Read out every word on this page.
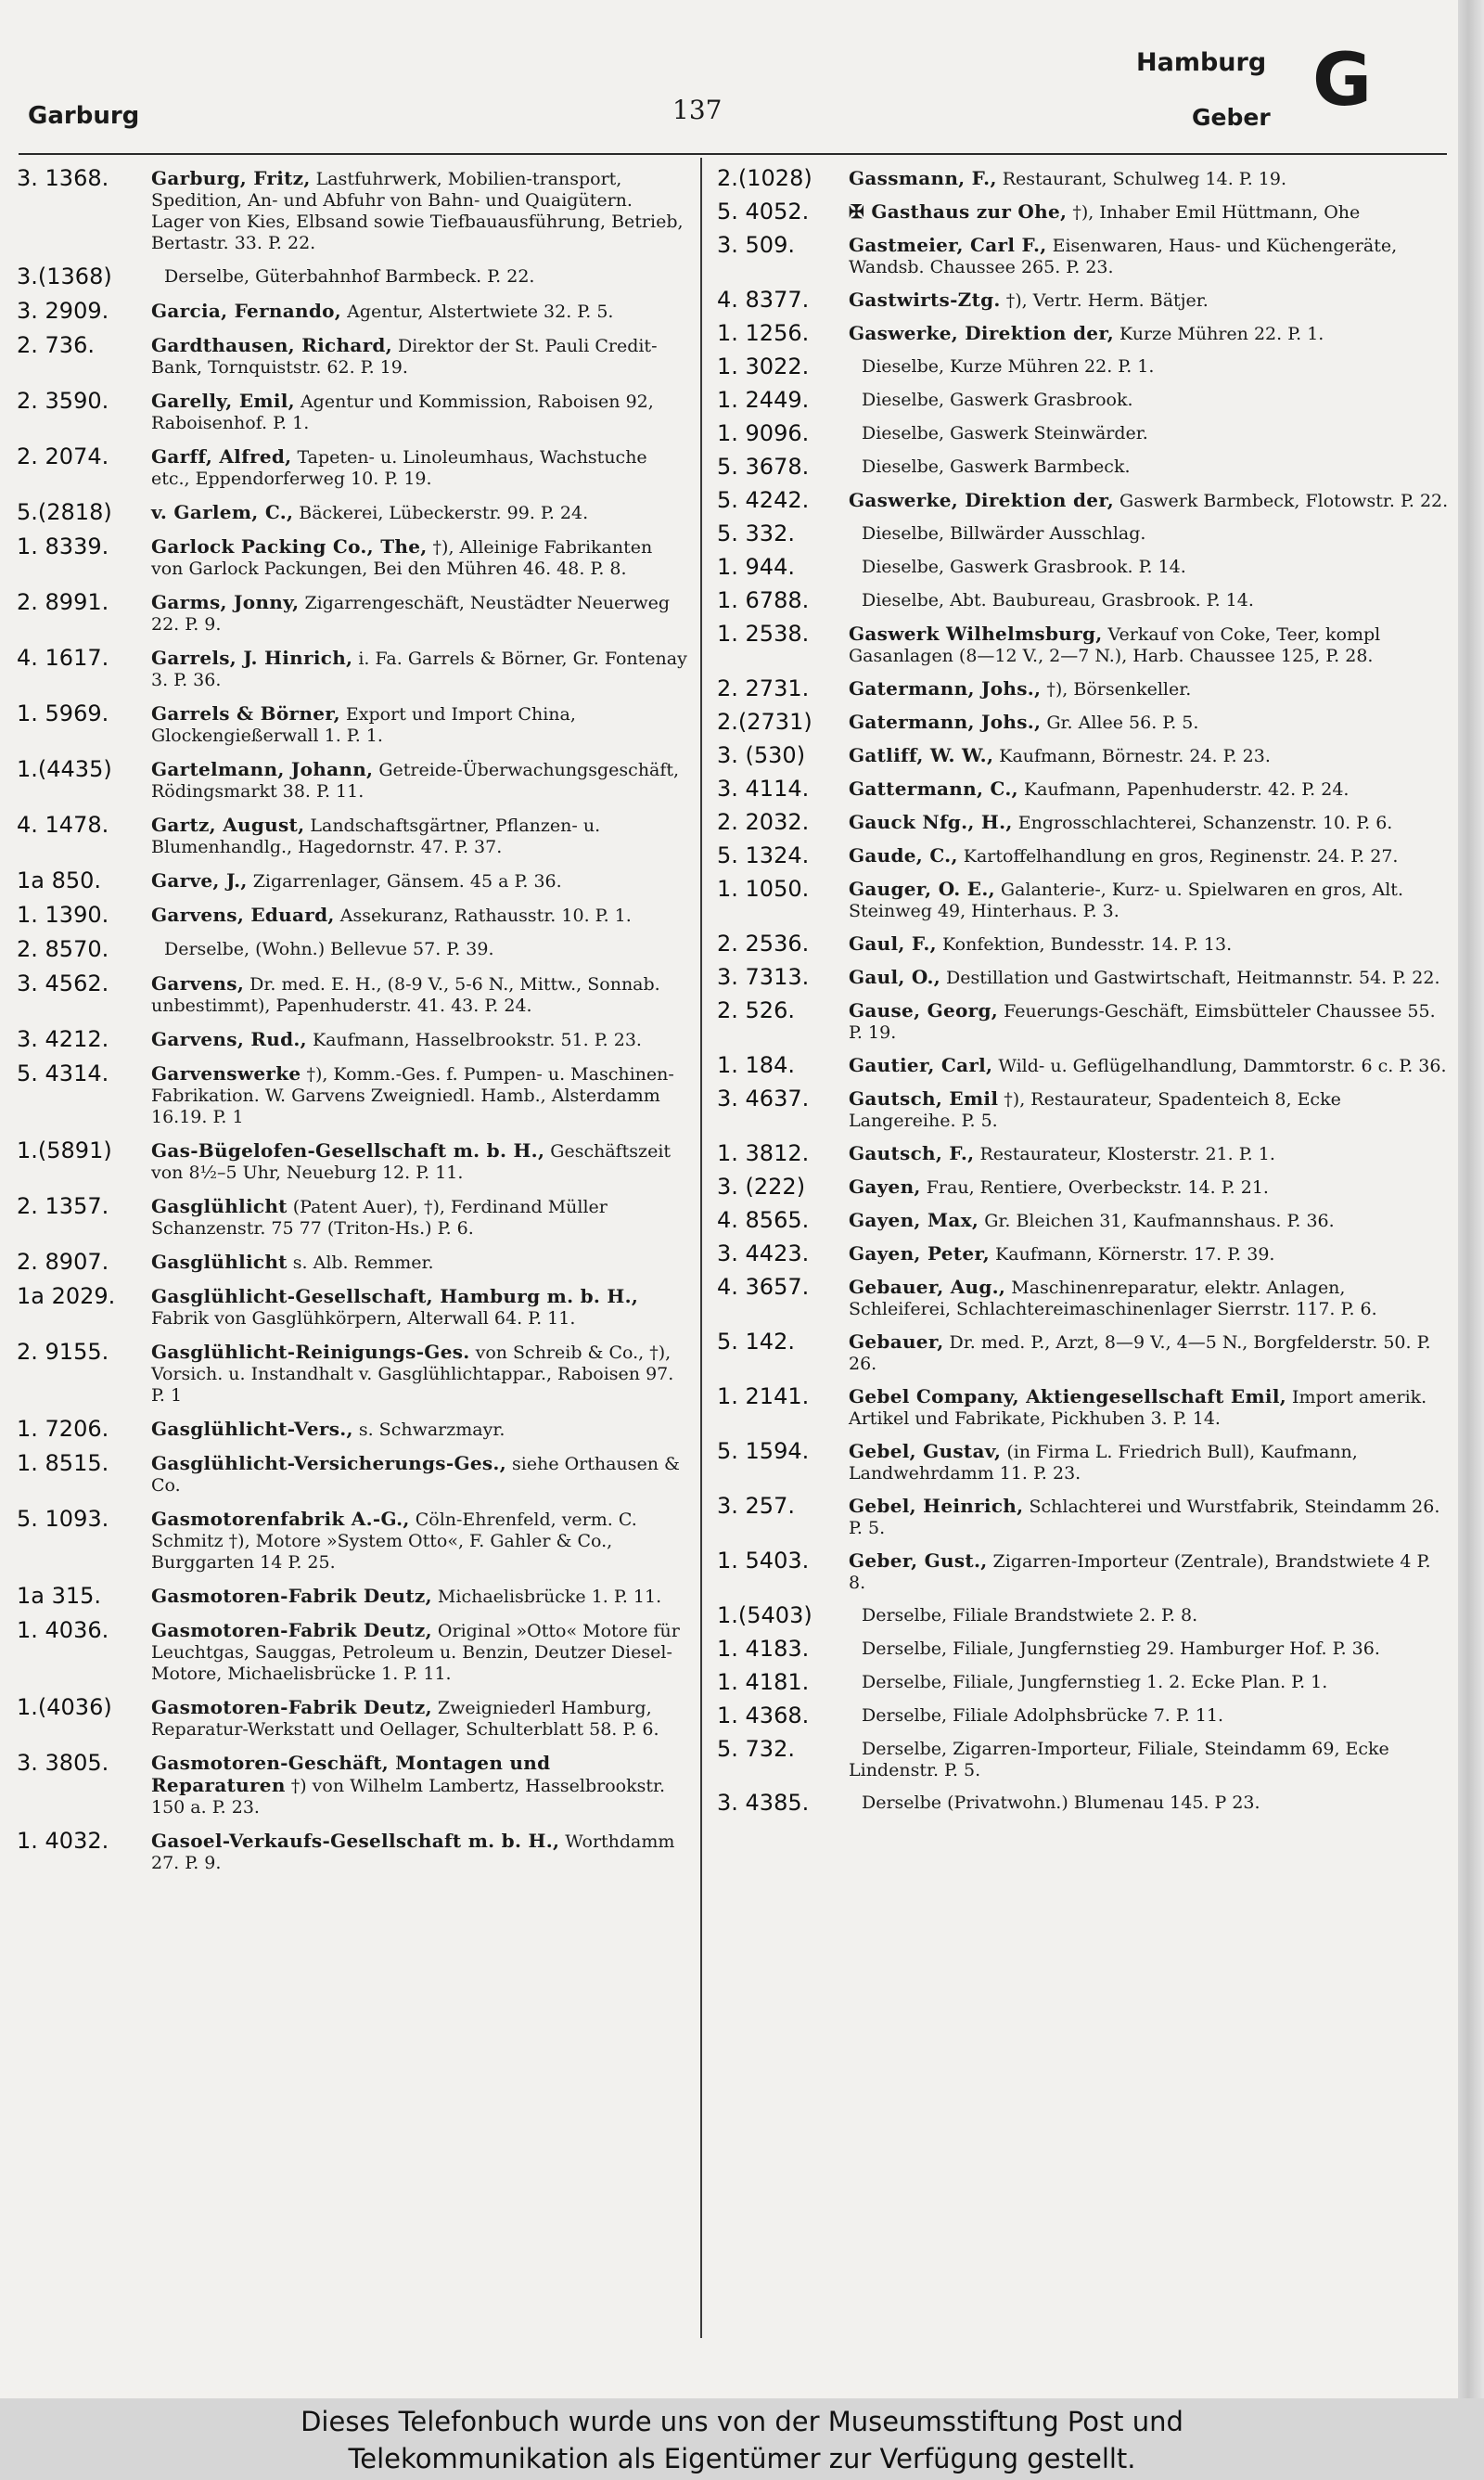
Garburg	137
Hamburg
Geber G
3. 1368.	Garburg, Fritz, Lastfuhrwerk, Mobilien-transport, Spedition, An- und Abfuhr von Bahn- und Quaigütern. Lager von Kies, Elbsand sowie Tiefbauausführung, Betrieb, Bertastr. 33. P. 22.
3.(1368)	Derselbe, Güterbahnhof Barmbeck. P. 22.
3. 2909.	Garcia, Fernando, Agentur, Alstertwiete 32. P. 5.
2. 736.	Gardthausen, Richard, Direktor der St. Pauli Credit-Bank, Tornquiststr. 62. P. 19.
2. 3590.	Garelly, Emil, Agentur und Kommission, Raboisen 92, Raboisenhof. P. 1.
2. 2074.	Garff, Alfred, Tapeten- u. Linoleumhaus, Wachstuche etc., Eppendorferweg 10. P. 19.
5.(2818)	v. Garlem, C., Bäckerei, Lübeckerstr. 99. P. 24.
1. 8339.	Garlock Packing Co., The, †), Alleinige Fabrikanten von Garlock Packungen, Bei den Mühren 46. 48. P. 8.
2. 8991.	Garms, Jonny, Zigarrengeschäft, Neustädter Neuerweg 22. P. 9.
4. 1617.	Garrels, J. Hinrich, i. Fa. Garrels & Börner, Gr. Fontenay 3. P. 36.
1. 5969.	Garrels & Börner, Export und Import China, Glockengießerwall 1. P. 1.
1.(4435)	Gartelmann, Johann, Getreide-Überwachungsgeschäft, Rödingsmarkt 38. P. 11.
4. 1478.	Gartz, August, Landschaftsgärtner, Pflanzen- u. Blumenhandlg., Hagedornstr. 47. P. 37.
1a 850.	Garve, J., Zigarrenlager, Gänsem. 45 a P. 36.
1. 1390.	Garvens, Eduard, Assekuranz, Rathausstr. 10. P. 1.
2. 8570.	Derselbe, (Wohn.) Bellevue 57. P. 39.
3. 4562.	Garvens, Dr. med. E. H., (8-9 V., 5-6 N., Mittw., Sonnab. unbestimmt), Papenhuderstr. 41. 43. P. 24.
3. 4212.	Garvens, Rud., Kaufmann, Hasselbrookstr. 51. P. 23.
5. 4314.	Garvenswerke †), Komm.-Ges. f. Pumpen- u. Maschinen-Fabrikation. W. Garvens Zweigniedl. Hamb., Alsterdamm 16.19. P. 1
1.(5891)	Gas-Bügelofen-Gesellschaft m. b. H., Geschäftszeit von 8½–5 Uhr, Neueburg 12. P. 11.
2. 1357.	Gasglühlicht (Patent Auer), †), Ferdinand Müller Schanzenstr. 75 77 (Triton-Hs.) P. 6.
2. 8907.	Gasglühlicht s. Alb. Remmer.
1a 2029.	Gasglühlicht-Gesellschaft, Hamburg m. b. H., Fabrik von Gasglühkörpern, Alterwall 64. P. 11.
2. 9155.	Gasglühlicht-Reinigungs-Ges. von Schreib & Co., †), Vorsich. u. Instandhalt v. Gasglühlichtappar., Raboisen 97. P. 1
1. 7206.	Gasglühlicht-Vers., s. Schwarzmayr.
1. 8515.	Gasglühlicht-Versicherungs-Ges., siehe Orthausen & Co.
5. 1093.	Gasmotorenfabrik A.-G., Cöln-Ehrenfeld, verm. C. Schmitz †), Motore »System Otto«, F. Gahler & Co., Burggarten 14 P. 25.
1a 315.	Gasmotoren-Fabrik Deutz, Michaelisbrücke 1. P. 11.
1. 4036.	Gasmotoren-Fabrik Deutz, Original »Otto« Motore für Leuchtgas, Sauggas, Petroleum u. Benzin, Deutzer Diesel-Motore, Michaelisbrücke 1. P. 11.
1.(4036)	Gasmotoren-Fabrik Deutz, Zweigniederl Hamburg, Reparatur-Werkstatt und Oellager, Schulterblatt 58. P. 6.
3. 3805.	Gasmotoren-Geschäft, Montagen und Reparaturen †) von Wilhelm Lambertz, Hasselbrookstr. 150 a. P. 23.
1. 4032.	Gasoel-Verkaufs-Gesellschaft m. b. H., Worthdamm 27. P. 9.
2.(1028)	Gassmann, F., Restaurant, Schulweg 14. P. 19.
5. 4052.	✠ Gasthaus zur Ohe, †), Inhaber Emil Hüttmann, Ohe
3. 509.	Gastmeier, Carl F., Eisenwaren, Haus- und Küchengeräte, Wandsb. Chaussee 265. P. 23.
4. 8377.	Gastwirts-Ztg. †), Vertr. Herm. Bätjer.
1. 1256.	Gaswerke, Direktion der, Kurze Mühren 22. P. 1.
1. 3022.	Dieselbe, Kurze Mühren 22. P. 1.
1. 2449.	Dieselbe, Gaswerk Grasbrook.
1. 9096.	Dieselbe, Gaswerk Steinwärder.
5. 3678.	Dieselbe, Gaswerk Barmbeck.
5. 4242.	Gaswerke, Direktion der, Gaswerk Barmbeck, Flotowstr. P. 22.
5. 332.	Dieselbe, Billwärder Ausschlag.
1. 944.	Dieselbe, Gaswerk Grasbrook. P. 14.
1. 6788.	Dieselbe, Abt. Baubureau, Grasbrook. P. 14.
1. 2538.	Gaswerk Wilhelmsburg, Verkauf von Coke, Teer, kompl Gasanlagen (8—12 V., 2—7 N.), Harb. Chaussee 125, P. 28.
2. 2731.	Gatermann, Johs., †), Börsenkeller.
2.(2731)	Gatermann, Johs., Gr. Allee 56. P. 5.
3. (530)	Gatliff, W. W., Kaufmann, Börnestr. 24. P. 23.
3. 4114.	Gattermann, C., Kaufmann, Papenhuderstr. 42. P. 24.
2. 2032.	Gauck Nfg., H., Engrosschlachterei, Schanzenstr. 10. P. 6.
5. 1324.	Gaude, C., Kartoffelhandlung en gros, Reginenstr. 24. P. 27.
1. 1050.	Gauger, O. E., Galanterie-, Kurz- u. Spielwaren en gros, Alt. Steinweg 49, Hinterhaus. P. 3.
2. 2536.	Gaul, F., Konfektion, Bundesstr. 14. P. 13.
3. 7313.	Gaul, O., Destillation und Gastwirtschaft, Heitmannstr. 54. P. 22.
2. 526.	Gause, Georg, Feuerungs-Geschäft, Eimsbütteler Chaussee 55. P. 19.
1. 184.	Gautier, Carl, Wild- u. Geflügelhandlung, Dammtorstr. 6 c. P. 36.
3. 4637.	Gautsch, Emil †), Restaurateur, Spadenteich 8, Ecke Langereihe. P. 5.
1. 3812.	Gautsch, F., Restaurateur, Klosterstr. 21. P. 1.
3. (222)	Gayen, Frau, Rentiere, Overbeckstr. 14. P. 21.
4. 8565.	Gayen, Max, Gr. Bleichen 31, Kaufmannshaus. P. 36.
3. 4423.	Gayen, Peter, Kaufmann, Körnerstr. 17. P. 39.
4. 3657.	Gebauer, Aug., Maschinenreparatur, elektr. Anlagen, Schleiferei, Schlachtereimaschinenlager Sierrstr. 117. P. 6.
5. 142.	Gebauer, Dr. med. P., Arzt, 8—9 V., 4—5 N., Borgfelderstr. 50. P. 26.
1. 2141.	Gebel Company, Aktiengesellschaft Emil, Import amerik. Artikel und Fabrikate, Pickhuben 3. P. 14.
5. 1594.	Gebel, Gustav, (in Firma L. Friedrich Bull), Kaufmann, Landwehrdamm 11. P. 23.
3. 257.	Gebel, Heinrich, Schlachterei und Wurstfabrik, Steindamm 26. P. 5.
1. 5403.	Geber, Gust., Zigarren-Importeur (Zentrale), Brandstwiete 4 P. 8.
1.(5403)	Derselbe, Filiale Brandstwiete 2. P. 8.
1. 4183.	Derselbe, Filiale, Jungfernstieg 29. Hamburger Hof. P. 36.
1. 4181.	Derselbe, Filiale, Jungfernstieg 1. 2. Ecke Plan. P. 1.
1. 4368.	Derselbe, Filiale Adolphsbrücke 7. P. 11.
5. 732.	Derselbe, Zigarren-Importeur, Filiale, Steindamm 69, Ecke Lindenstr. P. 5.
3. 4385.	Derselbe (Privatwohn.) Blumenau 145. P 23.
Dieses Telefonbuch wurde uns von der Museumsstiftung Post und
Telekommunikation als Eigentümer zur Verfügung gestellt.
